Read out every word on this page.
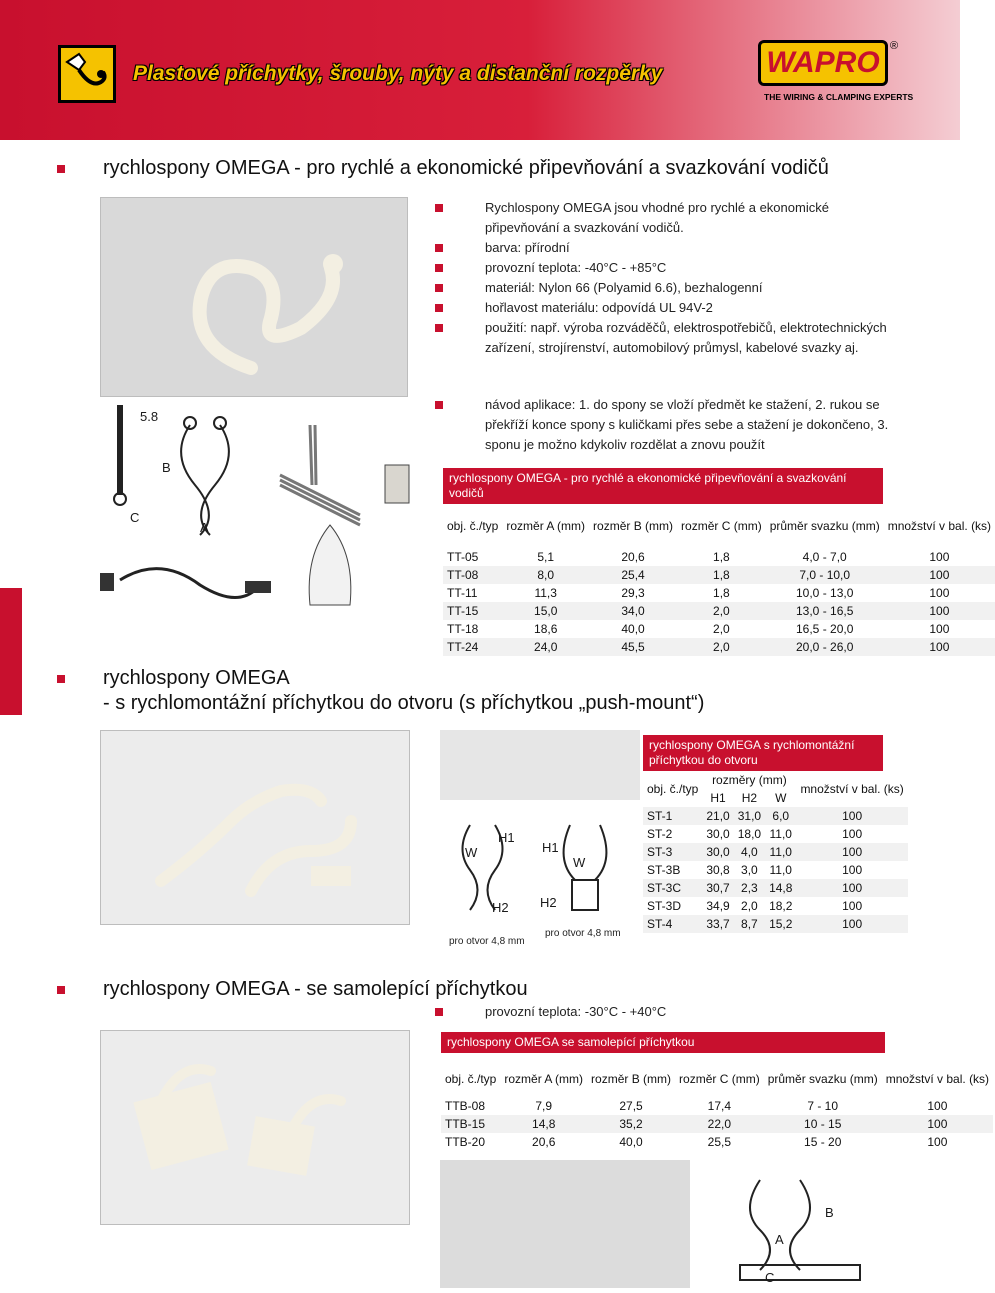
Plastové příchytky, šrouby, nýty a distanční rozpěrky	WAPRO ®
THE WIRING & CLAMPING EXPERTS
rychlospony OMEGA - pro rychlé a ekonomické připevňování a svazkování vodičů
Rychlospony OMEGA jsou vhodné pro rychlé a ekonomické připevňování a svazkování vodičů.
barva: přírodní
provozní teplota: -40°C - +85°C
materiál: Nylon 66 (Polyamid 6.6), bezhalogenní
hořlavost materiálu: odpovídá UL 94V-2
použití: např. výroba rozváděčů, elektrospotřebičů, elektrotechnických zařízení, strojírenství, automobilový průmysl, kabelové svazky aj.
návod aplikace: 1. do spony se vloží předmět ke stažení, 2. rukou se překříží konce spony s kuličkami přes sebe a stažení je dokončeno, 3. sponu je možno kdykoliv rozdělat a znovu použít
5.8
B
C
A
rychlospony OMEGA - pro rychlé a ekonomické připevňování a svazkování vodičů
obj. č./typ	rozměr A (mm)	rozměr B (mm)	rozměr C (mm)	průměr svazku (mm)	množství v bal. (ks)
TT-05	5,1	20,6	1,8	4,0 - 7,0	100
TT-08	8,0	25,4	1,8	7,0 - 10,0	100
TT-11	11,3	29,3	1,8	10,0 - 13,0	100
TT-15	15,0	34,0	2,0	13,0 - 16,5	100
TT-18	18,6	40,0	2,0	16,5 - 20,0	100
TT-24	24,0	45,5	2,0	20,0 - 26,0	100
rychlospony OMEGA
- s rychlomontážní příchytkou do otvoru (s příchytkou „push-mount“)
W
H1
H2
H1
W
H2
pro otvor 4,8 mm
pro otvor 4,8 mm
rychlospony OMEGA s rychlomontážní příchytkou do otvoru
obj. č./typ	rozměry (mm)			množství v bal. (ks)
	H1	H2	W	
ST-1	21,0	31,0	6,0	100
ST-2	30,0	18,0	11,0	100
ST-3	30,0	4,0	11,0	100
ST-3B	30,8	3,0	11,0	100
ST-3C	30,7	2,3	14,8	100
ST-3D	34,9	2,0	18,2	100
ST-4	33,7	8,7	15,2	100
rychlospony OMEGA - se samolepící příchytkou
provozní teplota: -30°C - +40°C
B
A
C
rychlospony OMEGA se samolepící příchytkou
obj. č./typ	rozměr A (mm)	rozměr B (mm)	rozměr C (mm)	průměr svazku (mm)	množství v bal. (ks)
TTB-08	7,9	27,5	17,4	7 - 10	100
TTB-15	14,8	35,2	22,0	10 - 15	100
TTB-20	20,6	40,0	25,5	15 - 20	100
